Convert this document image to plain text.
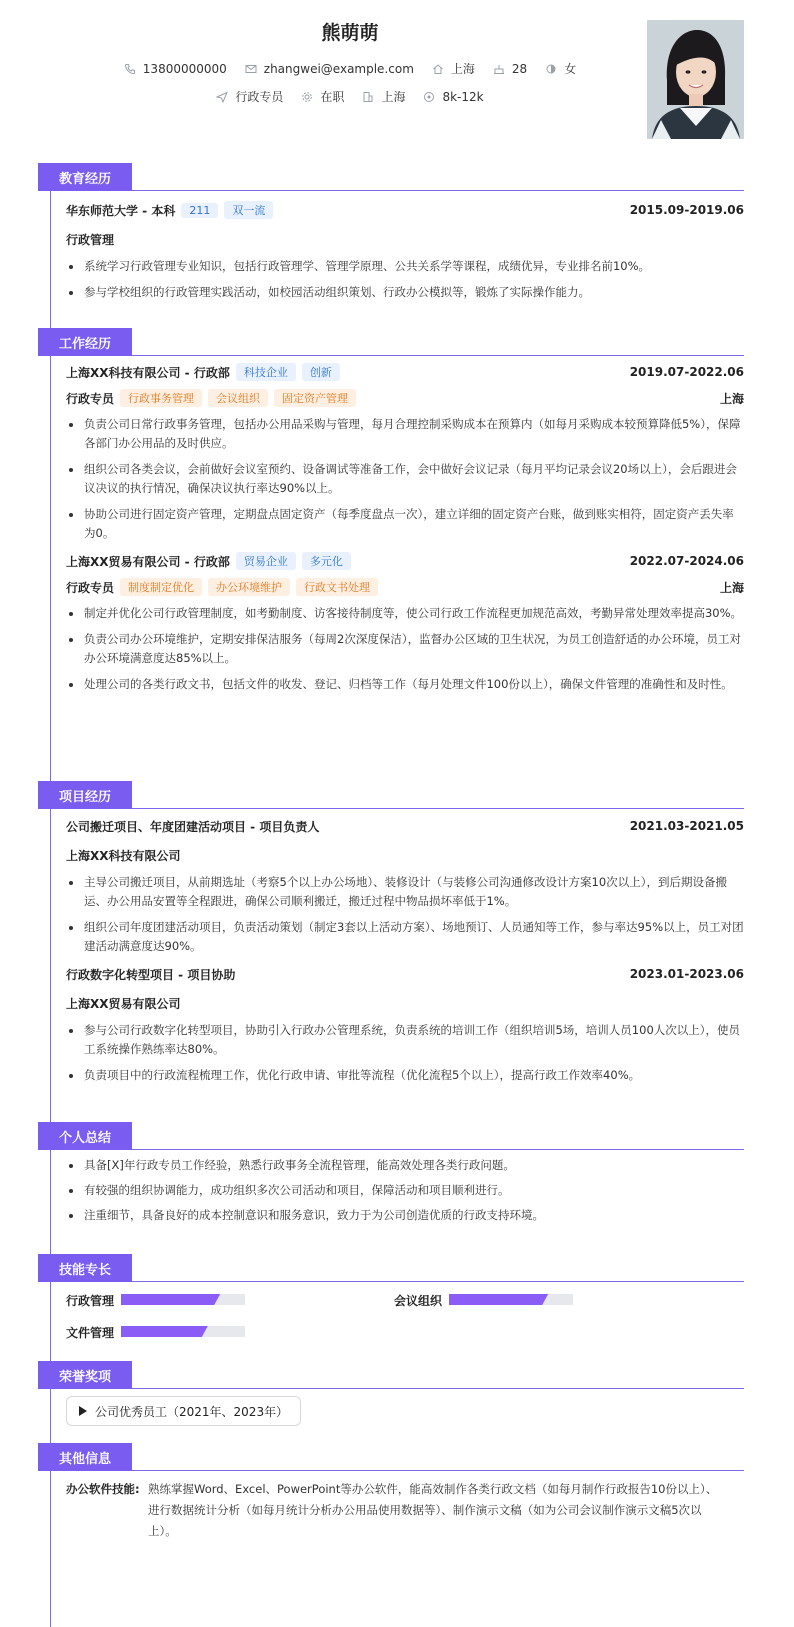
熊萌萌
13800000000	zhangwei@example.com	上海	28	女
行政专员	在职	上海	8k-12k
教育经历
华东师范大学 - 本科	211	双一流	2015.09-2019.06
行政管理
系统学习行政管理专业知识，包括行政管理学、管理学原理、公共关系学等课程，成绩优异，专业排名前10%。
参与学校组织的行政管理实践活动，如校园活动组织策划、行政办公模拟等，锻炼了实际操作能力。
工作经历
上海XX科技有限公司 - 行政部	科技企业	创新	2019.07-2022.06
行政专员	行政事务管理	会议组织	固定资产管理	上海
负责公司日常行政事务管理，包括办公用品采购与管理，每月合理控制采购成本在预算内（如每月采购成本较预算降低5%），保障各部门办公用品的及时供应。
组织公司各类会议，会前做好会议室预约、设备调试等准备工作，会中做好会议记录（每月平均记录会议20场以上），会后跟进会议决议的执行情况，确保决议执行率达90%以上。
协助公司进行固定资产管理，定期盘点固定资产（每季度盘点一次），建立详细的固定资产台账，做到账实相符，固定资产丢失率为0。
上海XX贸易有限公司 - 行政部	贸易企业	多元化	2022.07-2024.06
行政专员	制度制定优化	办公环境维护	行政文书处理	上海
制定并优化公司行政管理制度，如考勤制度、访客接待制度等，使公司行政工作流程更加规范高效，考勤异常处理效率提高30%。
负责公司办公环境维护，定期安排保洁服务（每周2次深度保洁），监督办公区域的卫生状况，为员工创造舒适的办公环境，员工对办公环境满意度达85%以上。
处理公司的各类行政文书，包括文件的收发、登记、归档等工作（每月处理文件100份以上），确保文件管理的准确性和及时性。
项目经历
公司搬迁项目、年度团建活动项目 - 项目负责人	2021.03-2021.05
上海XX科技有限公司
主导公司搬迁项目，从前期选址（考察5个以上办公场地）、装修设计（与装修公司沟通修改设计方案10次以上），到后期设备搬运、办公用品安置等全程跟进，确保公司顺利搬迁，搬迁过程中物品损坏率低于1%。
组织公司年度团建活动项目，负责活动策划（制定3套以上活动方案）、场地预订、人员通知等工作，参与率达95%以上，员工对团建活动满意度达90%。
行政数字化转型项目 - 项目协助	2023.01-2023.06
上海XX贸易有限公司
参与公司行政数字化转型项目，协助引入行政办公管理系统，负责系统的培训工作（组织培训5场，培训人员100人次以上），使员工系统操作熟练率达80%。
负责项目中的行政流程梳理工作，优化行政申请、审批等流程（优化流程5个以上），提高行政工作效率40%。
个人总结
具备[X]年行政专员工作经验，熟悉行政事务全流程管理，能高效处理各类行政问题。
有较强的组织协调能力，成功组织多次公司活动和项目，保障活动和项目顺利进行。
注重细节，具备良好的成本控制意识和服务意识，致力于为公司创造优质的行政支持环境。
技能专长
行政管理	会议组织
文件管理
荣誉奖项
公司优秀员工（2021年、2023年）
其他信息
办公软件技能: 熟练掌握Word、Excel、PowerPoint等办公软件，能高效制作各类行政文档（如每月制作行政报告10份以上）、
进行数据统计分析（如每月统计分析办公用品使用数据等）、制作演示文稿（如为公司会议制作演示文稿5次以
上）。
